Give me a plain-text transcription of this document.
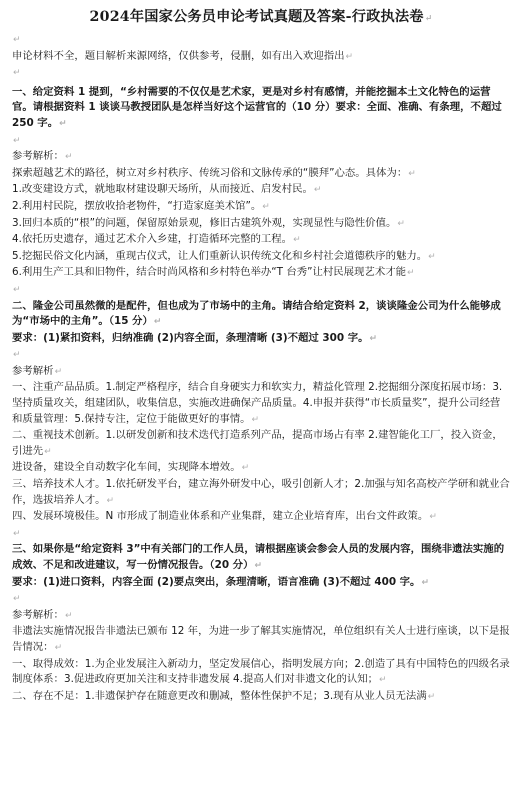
2024年国家公务员申论考试真题及答案-行政执法卷↵
↵
申论材料不全，题目解析来源网络，仅供参考，侵删，如有出入欢迎指出↵
↵
一、给定资料 1 提到，“乡村需要的不仅仅是艺术家，更是对乡村有感情，并能挖掘本土文化特色的运营官。请根据资料 1 谈谈马教授团队是怎样当好这个运营官的（10 分）要求：全面、准确、有条理，不超过 250 字。↵
↵
参考解析：↵
探索超越艺术的路径，树立对乡村秩序、传统习俗和文脉传承的“膜拜”心态。具体为：↵
1.改变建设方式，就地取材建设聊天场所，从而接近、启发村民。↵
2.利用村民院，摆放收拾老物件，“打造家庭美术馆”。↵
3.回归本质的“根”的问题，保留原始景观，修旧古建筑外观，实现显性与隐性价值。↵
4.依托历史遗存，通过艺术介入乡建，打造循环完整的工程。↵
5.挖掘民俗文化内涵，重现古仪式，让人们重新认识传统文化和乡村社会道德秩序的魅力。↵
6.利用生产工具和旧物件，结合时尚风格和乡村特色举办“T 台秀”让村民展现艺术才能↵
↵
二、隆金公司虽然微的是配件，但也成为了市场中的主角。请结合给定资料 2，谈谈隆金公司为什么能够成为“市场中的主角”。（15 分）↵
要求：(1)紧扣资料，归纳准确 (2)内容全面，条理清晰 (3)不超过 300 字。↵
↵
参考解析↵
一、注重产品品质。1.制定严格程序，结合自身硬实力和软实力，精益化管理 2.挖掘细分深度拓展市场：3.坚持质量攻关，组建团队，收集信息，实施改进确保产品质量。4.申报并获得“市长质量奖”，提升公司经营和质量管理：5.保持专注，定位于能做更好的事情。↵
二、重视技术创新。1.以研发创新和技术迭代打造系列产品，提高市场占有率 2.建智能化工厂，投入资金，引进先↵
进设备，建设全自动数字化车间，实现降本增效。↵
三、培养技术人才。1.依托研发平台，建立海外研发中心，吸引创新人才；2.加强与知名高校产学研和就业合作，选拔培养人才。↵
四、发展环境极佳。N 市形成了制造业体系和产业集群，建立企业培育库，出台文件政策。↵
↵
三、如果你是“给定资料 3”中有关部门的工作人员，请根据座谈会参会人员的发展内容，围绕非遗法实施的成效、不足和改进建议，写一份情况报告。（20 分）↵
要求：(1)进口资料，内容全面 (2)要点突出，条理清晰，语言准确 (3)不超过 400 字。↵
↵
参考解析：↵
非遗法实施情况报告非遗法已颁布 12 年，为进一步了解其实施情况，单位组织有关人士进行座谈，以下是报告情况：↵
一、取得成效：1.为企业发展注入新动力，坚定发展信心，指明发展方向；2.创造了具有中国特色的四级名录制度体系：3.促进政府更加关注和支持非遗发展 4.提高人们对非遗文化的认知；↵
二、存在不足：1.非遗保护存在随意更改和删减，整体性保护不足；3.现有从业人员无法满↵
